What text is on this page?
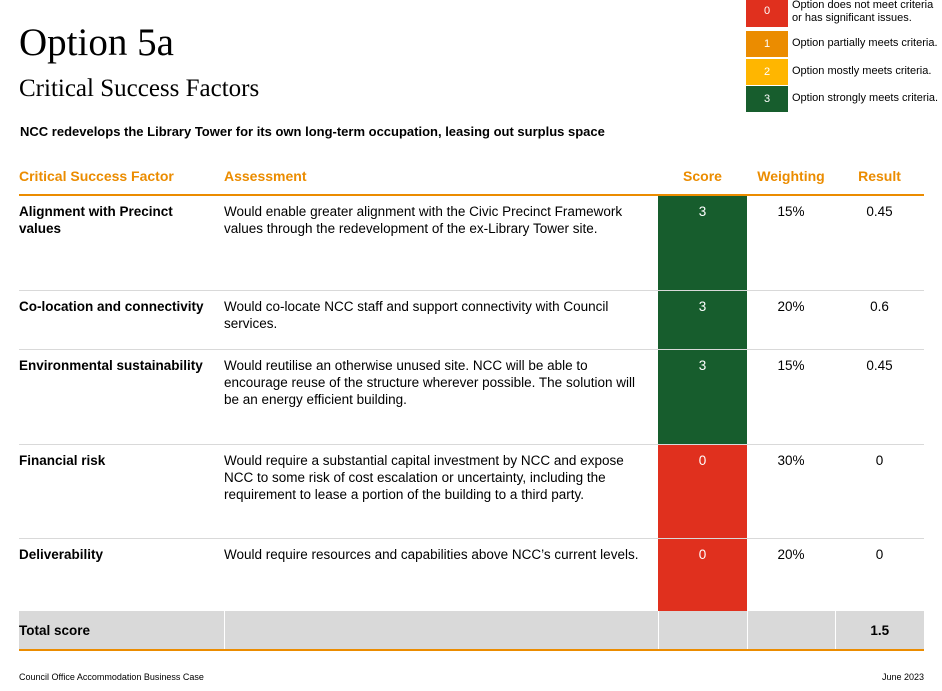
Option 5a
Critical Success Factors
NCC redevelops the Library Tower for its own long-term occupation, leasing out surplus space
0	Option does not meet criteria or has significant issues.
1	Option partially meets criteria.
2	Option mostly meets criteria.
3	Option strongly meets criteria.
Critical Success Factor	Assessment	Score	Weighting	Result
Alignment with Precinct values	Would enable greater alignment with the Civic Precinct Framework values through the redevelopment of the ex-Library Tower site.	3	15%	0.45
Co-location and connectivity	Would co-locate NCC staff and support connectivity with Council services.	3	20%	0.6
Environmental sustainability	Would reutilise an otherwise unused site. NCC will be able to encourage reuse of the structure wherever possible. The solution will be an energy efficient building.	3	15%	0.45
Financial risk	Would require a substantial capital investment by NCC and expose NCC to some risk of cost escalation or uncertainty, including the requirement to lease a portion of the building to a third party.	0	30%	0
Deliverability	Would require resources and capabilities above NCC’s current levels.	0	20%	0
Total score				1.5
Council Office Accommodation Business Case	June 2023
